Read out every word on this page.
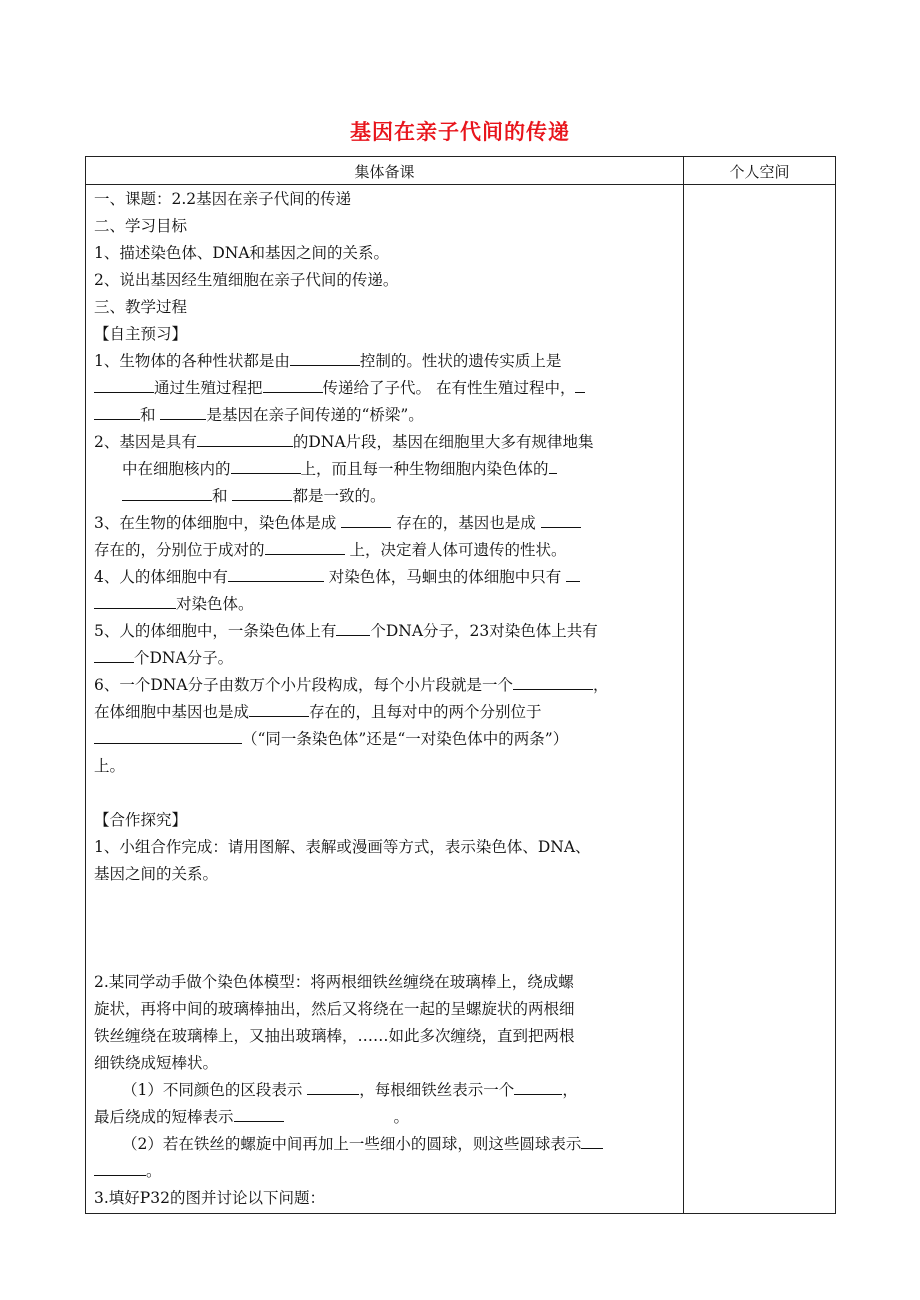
基因在亲子代间的传递
集体备课	个人空间

一、课题：2.2基因在亲子代间的传递

二、学习目标

1、描述染色体、DNA和基因之间的关系。

2、说出基因经生殖细胞在亲子代间的传递。

三、教学过程

【自主预习】

1、生物体的各种性状都是由	控制的。性状的遗传实质上是

通过生殖过程把	传递给了子代。 在有性生殖过程中，

和	是基因在亲子间传递的“桥梁”。

2、基因是具有	的DNA片段，基因在细胞里大多有规律地集

中在细胞核内的	上，而且每一种生物细胞内染色体的

和	都是一致的。

3、在生物的体细胞中，染色体是成	存在的，基因也是成

存在的，分别位于成对的	上，决定着人体可遗传的性状。

4、人的体细胞中有	对染色体，马蛔虫的体细胞中只有

对染色体。

5、人的体细胞中，一条染色体上有 个DNA分子，23对染色体上共有

个DNA分子。

6、一个DNA分子由数万个小片段构成，每个小片段就是一个	，

在体细胞中基因也是成	存在的，且每对中的两个分别位于

（“同一条染色体”还是“一对染色体中的两条”）

上。

【合作探究】

1、小组合作完成：请用图解、表解或漫画等方式，表示染色体、DNA、

基因之间的关系。

2.某同学动手做个染色体模型：将两根细铁丝缠绕在玻璃棒上，绕成螺

旋状，再将中间的玻璃棒抽出，然后又将绕在一起的呈螺旋状的两根细

铁丝缠绕在玻璃棒上，又抽出玻璃棒，……如此多次缠绕，直到把两根

细铁绕成短棒状。

（1）不同颜色的区段表示	，每根细铁丝表示一个	，

最后绕成的短棒表示	。

（2）若在铁丝的螺旋中间再加上一些细小的圆球，则这些圆球表示

。

3.填好P32的图并讨论以下问题：
